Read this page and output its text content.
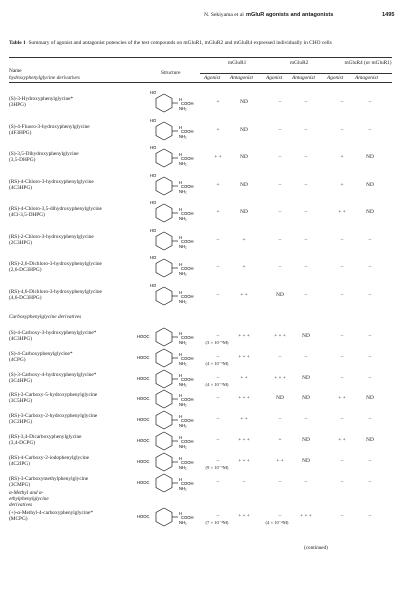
N. Sekiyama et al mGluR agonists and antagonists	1495
Table 1 Summary of agonist and antagonist potencies of the test compounds on mGluR1, mGluR2 and mGluR4 expressed individually in CHO cells
mGluR1	mGluR2	mGluR4 (or mGluR1)
Name	Structure
Agonist Antagonist Agonist Antagonist Agonist Antagonist
hydroxyphenylglycine derivatives
(S)-3-Hydroxyphenylglycine*
(3HPG)
HO
H
COOH
NH₂
+	ND	–	–	–	–
(S)-4-Fluoro-3-hydroxyphenylglycine
(4F3HPG)
HO
H
COOH
NH₂
+	ND	–	–	–	–
(S)-3,5-Dihydroxyphenylglycine
(3,5-DHPG)
HO
H
COOH
NH₂
+ +	ND	–	–	+	ND
(RS)-4-Chloro-3-hydroxyphenylglycine
(4C3HPG)
HO
H
COOH
NH₂
+	ND	–	–	+	ND
(RS)-4-Chloro-3,5-dihydroxyphenylglycine
(4Cl-3,5-DHPG)
HO
H
COOH
NH₂
+	ND	–	–	+ +	ND
(RS)-2-Chloro-3-hydroxyphenylglycine
(2C3HPG)
HO
H
COOH
NH₂
–	+	–	–	–	–
(RS)-2,6-Dichloro-3-hydroxyphenylglycine
(2,6-DC3HPG)
HO
H
COOH
NH₂
–	+	–	–	–	–
(RS)-4,6-Dichloro-3-hydroxyphenylglycine
(4,6-DC3HPG)
HO
H
COOH
NH₂
–	+ +	ND	–	–	–
Carboxyphenylglycine derivatives
(S)-4-Carboxy-3-hydroxyphenylglycine*
(4C3HPG)	HOOC
H
COOH
NH₂
–	+ + +	+ + +	ND	–	–
(3 × 10⁻⁵M)
(S)-4-Carboxyphenylglycine*
(4CPG)	HOOC
H
COOH
NH₂
–	+ + +	–	–	–	–
(4 × 10⁻⁵M)
(S)-3-Carboxy-4-hydroxyphenylglycine*
(3C4HPG)	HOOC
H
COOH
NH₂
–	+ +	+ + +	ND	–	–
(4 × 10⁻⁵M)
(RS)-3-Carboxy-5-hydroxyphenylglycine
(3C5HPG)	HOOC
H
COOH
NH₂
–	+ + +	ND	ND	+ +	ND
(RS)-3-Carboxy-2-hydroxyphenylglycine
(3C2HPG)	HOOC
H
COOH
NH₂
–	+ +	–	–	–	–
(RS)-3,4-Dicarboxyphenylglycine
(3,4-DCPG)	HOOC
H
COOH
NH₂
–	+ + +	+	ND	+ +	ND
(RS)-4-Carboxy-2-iodophenylglycine
(4C2IPG)	HOOC
H
COOH
NH₂
–	+ + +	+ +	ND	–	–
(9 × 10⁻⁵M)
(RS)-3-Carboxymethylphenylglycine
(3CMPG)	HOOC
H
COOH
NH₂
–	–	–	–	–	–
α-Methyl and α-ethylphenylglycine derivatives
(+)-α-Methyl-4-carboxyphenylglycine*
(MCPG)	HOOC
H
COOH
NH₂
–	+ + +	–	+ + +	–	–
(7 × 10⁻⁴M)	(4 × 10⁻⁴M)
(continued)
